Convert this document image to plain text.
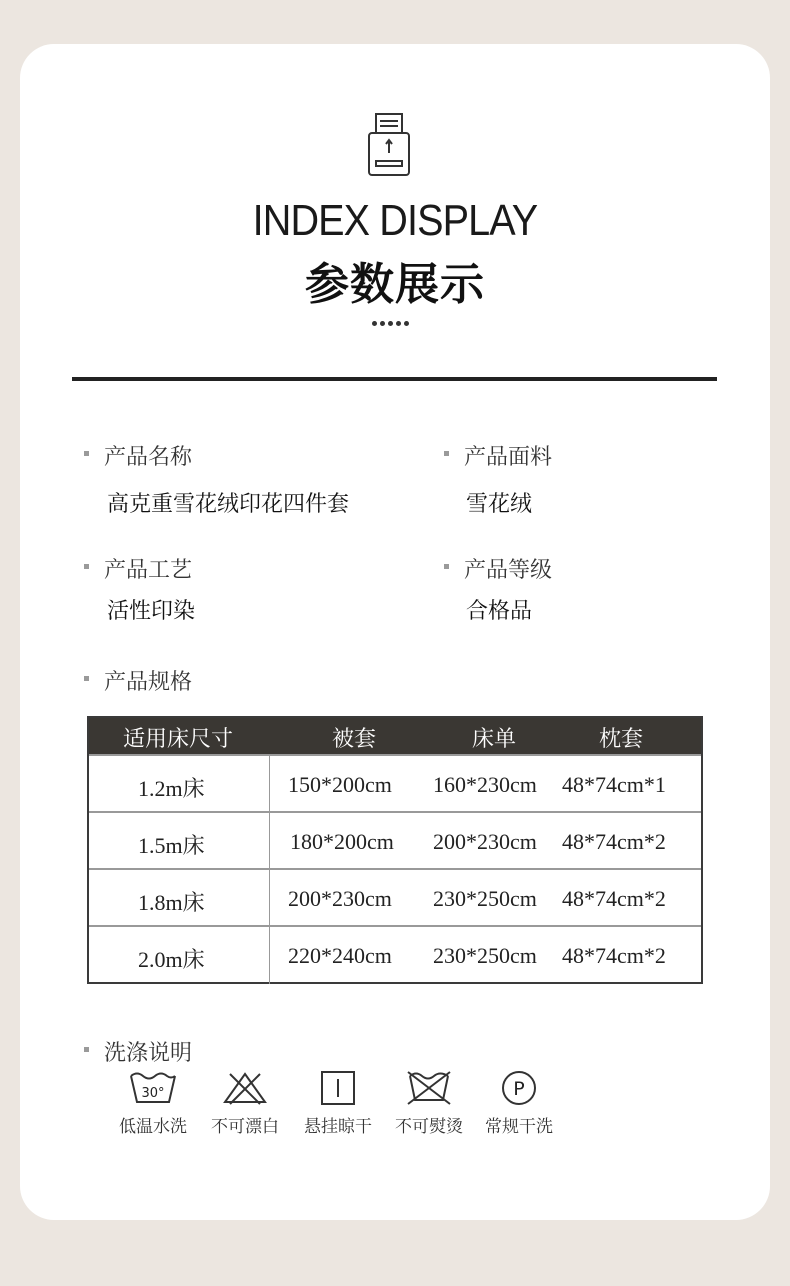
INDEX DISPLAY
参数展示
产品名称
高克重雪花绒印花四件套
产品面料
雪花绒
产品工艺
活性印染
产品等级
合格品
产品规格
适用床尺寸	被套	床单	枕套
1.2m床	150*200cm 160*230cm 48*74cm*1
1.5m床	180*200cm 200*230cm 48*74cm*2
1.8m床	200*230cm 230*250cm 48*74cm*2
2.0m床	220*240cm 230*250cm 48*74cm*2
洗涤说明
30°
低温水洗	不可漂白	悬挂晾干	不可熨烫
P
常规干洗
